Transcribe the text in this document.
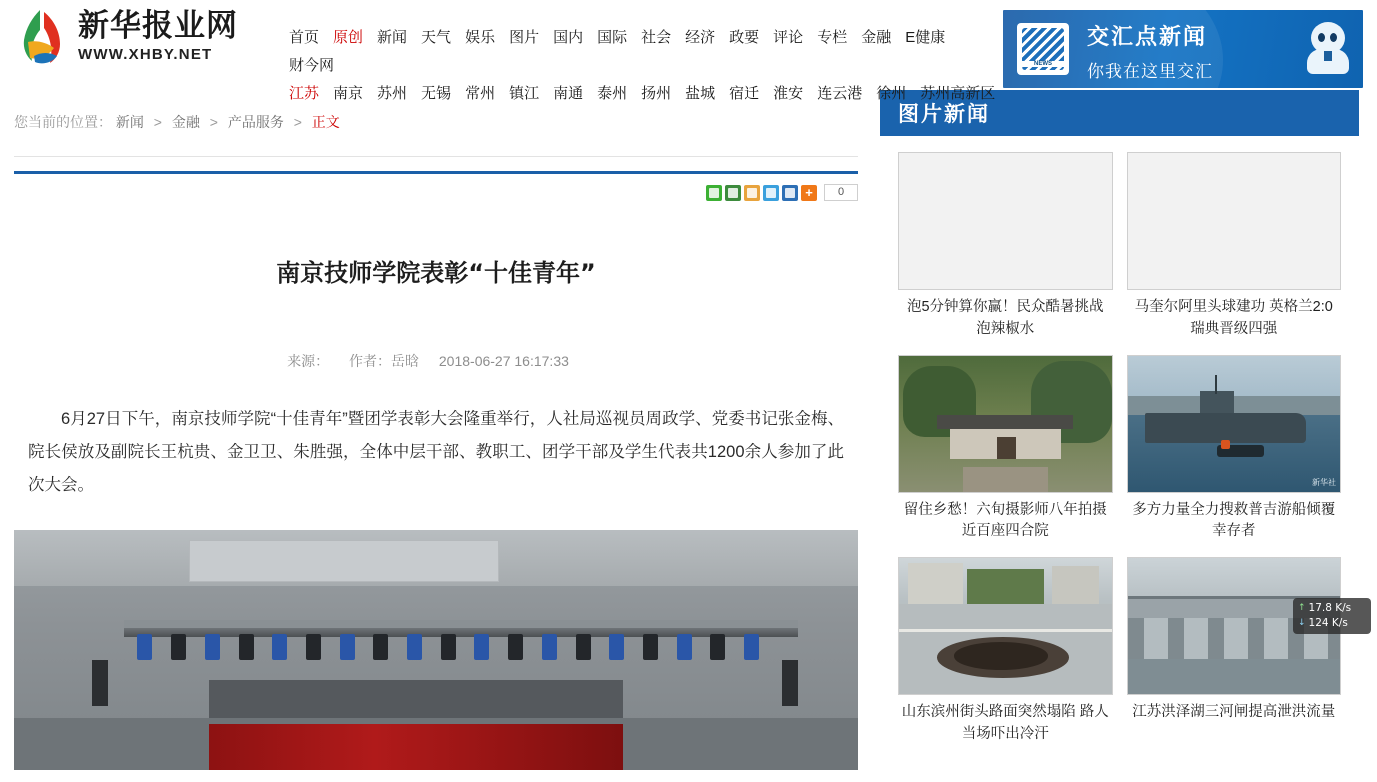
新华报业网
WWW.XHBY.NET
首页 原创 新闻 天气 娱乐 图片 国内 国际 社会 经济 政要 评论 专栏 金融 E健康
财今网
江苏 南京 苏州 无锡 常州 镇江 南通 泰州 扬州 盐城 宿迁 淮安 连云港 徐州 苏州高新区
NEWS
交汇点新闻
你我在这里交汇
您当前的位置： 新闻 > 金融 > 产品服务 > 正文
+	0
南京技师学院表彰“十佳青年”
来源： 作者：岳晗 2018-06-27 16:17:33

6月27日下午，南京技师学院“十佳青年”暨团学表彰大会隆重举行，人社局巡视员周政学、党委书记张金梅、院长侯放及副院长王杭贵、金卫卫、朱胜强，全体中层干部、教职工、团学干部及学生代表共1200余人参加了此次大会。

图片新闻
泡5分钟算你赢！民众酷暑挑战泡辣椒水
马奎尔阿里头球建功 英格兰2:0瑞典晋级四强
留住乡愁！六旬摄影师八年拍摄近百座四合院
新华社
多方力量全力搜救普吉游船倾覆幸存者
山东滨州街头路面突然塌陷 路人当场吓出冷汗
江苏洪泽湖三河闸提高泄洪流量
↑ 17.8 K/s
↓ 124 K/s
